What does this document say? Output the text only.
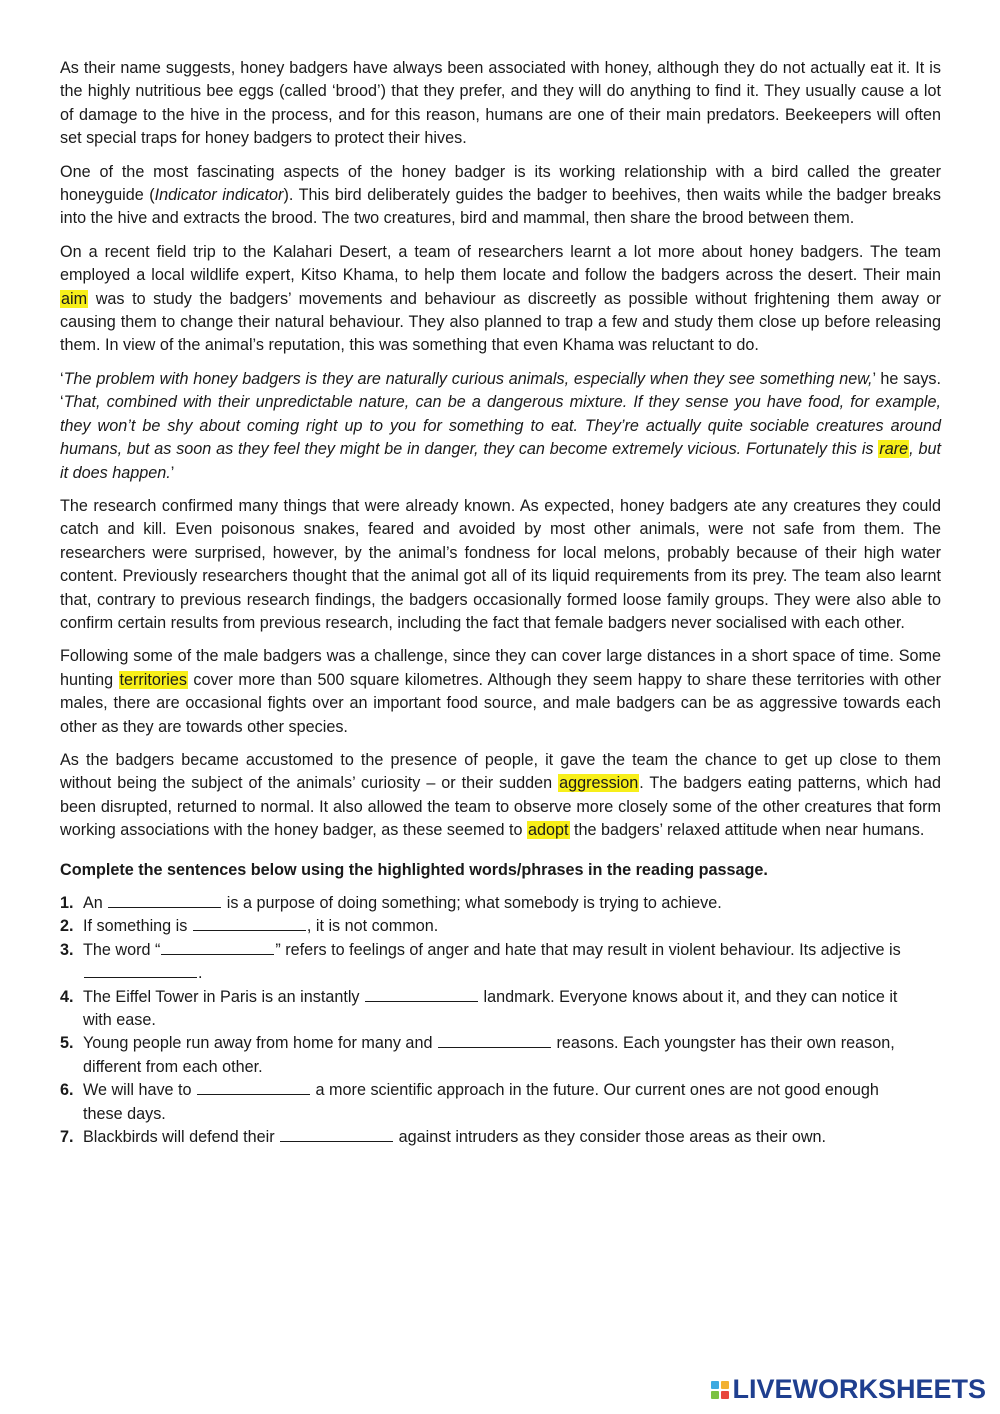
As their name suggests, honey badgers have always been associated with honey, although they do not actually eat it. It is the highly nutritious bee eggs (called ‘brood’) that they prefer, and they will do anything to find it. They usually cause a lot of damage to the hive in the process, and for this reason, humans are one of their main predators. Beekeepers will often set special traps for honey badgers to protect their hives.

One of the most fascinating aspects of the honey badger is its working relationship with a bird called the greater honeyguide (Indicator indicator). This bird deliberately guides the badger to beehives, then waits while the badger breaks into the hive and extracts the brood. The two creatures, bird and mammal, then share the brood between them.

On a recent field trip to the Kalahari Desert, a team of researchers learnt a lot more about honey badgers. The team employed a local wildlife expert, Kitso Khama, to help them locate and follow the badgers across the desert. Their main aim was to study the badgers’ movements and behaviour as discreetly as possible without frightening them away or causing them to change their natural behaviour. They also planned to trap a few and study them close up before releasing them. In view of the animal’s reputation, this was something that even Khama was reluctant to do.

‘The problem with honey badgers is they are naturally curious animals, especially when they see something new,’ he says. ‘That, combined with their unpredictable nature, can be a dangerous mixture. If they sense you have food, for example, they won’t be shy about coming right up to you for something to eat. They’re actually quite sociable creatures around humans, but as soon as they feel they might be in danger, they can become extremely vicious. Fortunately this is rare, but it does happen.’

The research confirmed many things that were already known. As expected, honey badgers ate any creatures they could catch and kill. Even poisonous snakes, feared and avoided by most other animals, were not safe from them. The researchers were surprised, however, by the animal’s fondness for local melons, probably because of their high water content. Previously researchers thought that the animal got all of its liquid requirements from its prey. The team also learnt that, contrary to previous research findings, the badgers occasionally formed loose family groups. They were also able to confirm certain results from previous research, including the fact that female badgers never socialised with each other.

Following some of the male badgers was a challenge, since they can cover large distances in a short space of time. Some hunting territories cover more than 500 square kilometres. Although they seem happy to share these territories with other males, there are occasional fights over an important food source, and male badgers can be as aggressive towards each other as they are towards other species.

As the badgers became accustomed to the presence of people, it gave the team the chance to get up close to them without being the subject of the animals’ curiosity – or their sudden aggression. The badgers eating patterns, which had been disrupted, returned to normal. It also allowed the team to observe more closely some of the other creatures that form working associations with the honey badger, as these seemed to adopt the badgers’ relaxed attitude when near humans.

Complete the sentences below using the highlighted words/phrases in the reading passage.
1. An	is a purpose of doing something; what somebody is trying to achieve.
2. If something is	, it is not common.
3. The word “	” refers to feelings of anger and hate that may result in violent behaviour. Its adjective is .
4. The Eiffel Tower in Paris is an instantly	landmark. Everyone knows about it, and they can notice it with ease.
5. Young people run away from home for many and	reasons. Each youngster has their own reason, different from each other.
6. We will have to	a more scientific approach in the future. Our current ones are not good enough these days.
7. Blackbirds will defend their	against intruders as they consider those areas as their own.
LIVEWORKSHEETS
